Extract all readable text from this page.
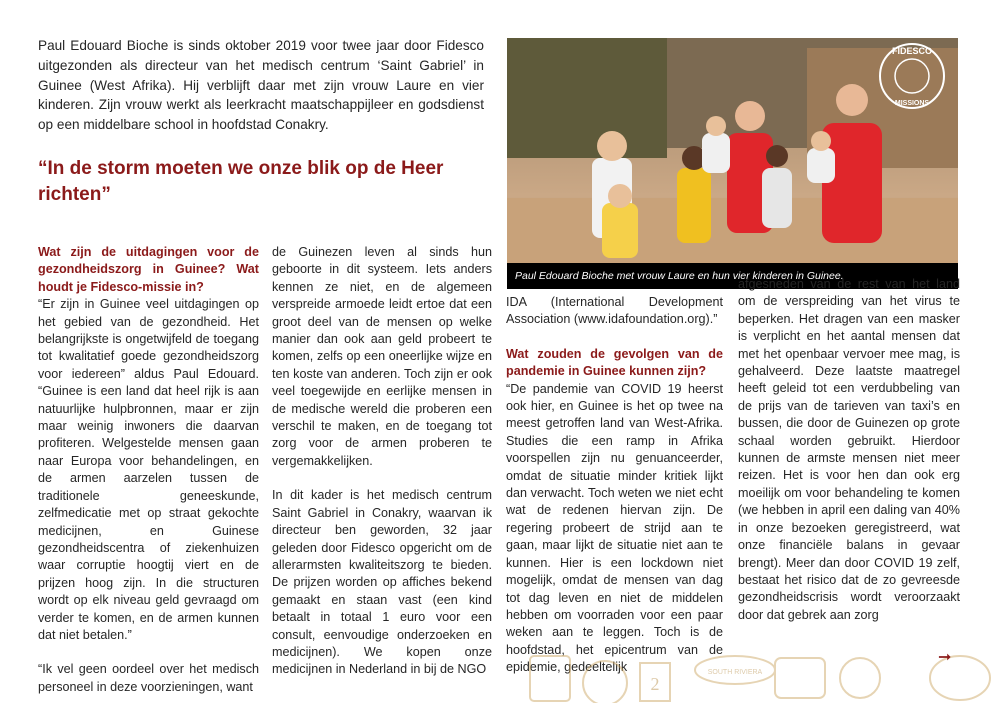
Paul Edouard Bioche is sinds oktober 2019 voor twee jaar door Fidesco uitgezonden als directeur van het medisch centrum ‘Saint Gabriel’ in Guinee (West Afrika). Hij verblijft daar met zijn vrouw Laure en vier kinderen. Zijn vrouw werkt als leerkracht maatschappijleer en godsdienst op een middelbare school in hoofdstad Conakry.

“In de storm moeten we onze blik op de Heer richten”

Wat zijn de uitdagingen voor de gezondheidszorg in Guinee? Wat houdt je Fidesco-missie in?

“Er zijn in Guinee veel uitdagingen op het gebied van de gezondheid. Het belangrijkste is ongetwijfeld de toegang tot kwalitatief goede gezondheidszorg voor iedereen” aldus Paul Edouard. “Guinee is een land dat heel rijk is aan natuurlijke hulpbronnen, maar er zijn maar weinig inwoners die daarvan profiteren. Welgestelde mensen gaan naar Europa voor behandelingen, en de armen aarzelen tussen de traditionele geneeskunde, zelfmedicatie met op straat gekochte medicijnen, en Guinese gezondheidscentra of ziekenhuizen waar corruptie hoogtij viert en de prijzen hoog zijn. In die structuren wordt op elk niveau geld gevraagd om verder te komen, en de armen kunnen dat niet betalen.”

“Ik vel geen oordeel over het medisch personeel in deze voorzieningen, want

de Guinezen leven al sinds hun geboorte in dit systeem. Iets anders kennen ze niet, en de algemeen verspreide armoede leidt ertoe dat een groot deel van de mensen op welke manier dan ook aan geld probeert te komen, zelfs op een oneerlijke wijze en ten koste van anderen. Toch zijn er ook veel toegewijde en eerlijke mensen in de medische wereld die proberen een verschil te maken, en de toegang tot zorg voor de armen proberen te vergemakkelijken.

In dit kader is het medisch centrum Saint Gabriel in Conakry, waarvan ik directeur ben geworden, 32 jaar geleden door Fidesco opgericht om de allerarmsten kwaliteitszorg te bieden. De prijzen worden op affiches bekend gemaakt en staan vast (een kind betaalt in totaal 1 euro voor een consult, eenvoudige onderzoeken en medicijnen). We kopen onze medicijnen in Nederland in bij de NGO

FIDESCO
MISSIONS
Paul Edouard Bioche met vrouw Laure en hun vier kinderen in Guinee.

IDA (International Development Association (www.idafoundation.org).”

Wat zouden de gevolgen van de pandemie in Guinee kunnen zijn?

“De pandemie van COVID 19 heerst ook hier, en Guinee is het op twee na meest getroffen land van West-Afrika. Studies die een ramp in Afrika voorspellen zijn nu genuanceerder, omdat de situatie minder kritiek lijkt dan verwacht. Toch weten we niet echt wat de redenen hiervan zijn. De regering probeert de strijd aan te gaan, maar lijkt de situatie niet aan te kunnen. Hier is een lockdown niet mogelijk, omdat de mensen van dag tot dag leven en niet de middelen hebben om voorraden voor een paar weken aan te leggen. Toch is de hoofdstad, het epicentrum van de epidemie, gedeeltelijk

afgesneden van de rest van het land om de verspreiding van het virus te beperken. Het dragen van een masker is verplicht en het aantal mensen dat met het openbaar vervoer mee mag, is gehalveerd. Deze laatste maatregel heeft geleid tot een verdubbeling van de prijs van de tarieven van taxi’s en bussen, die door de Guinezen op grote schaal worden gebruikt. Hierdoor kunnen de armste mensen niet meer reizen. Het is voor hen dan ook erg moeilijk om voor behandeling te komen (we hebben in april een daling van 40% in onze bezoeken geregistreerd, wat onze financiële balans in gevaar brengt). Meer dan door COVID 19 zelf, bestaat het risico dat de zo gevreesde gezondheidscrisis wordt veroorzaakt door dat gebrek aan zorg

SOUTH RIVIERA
2
➞
